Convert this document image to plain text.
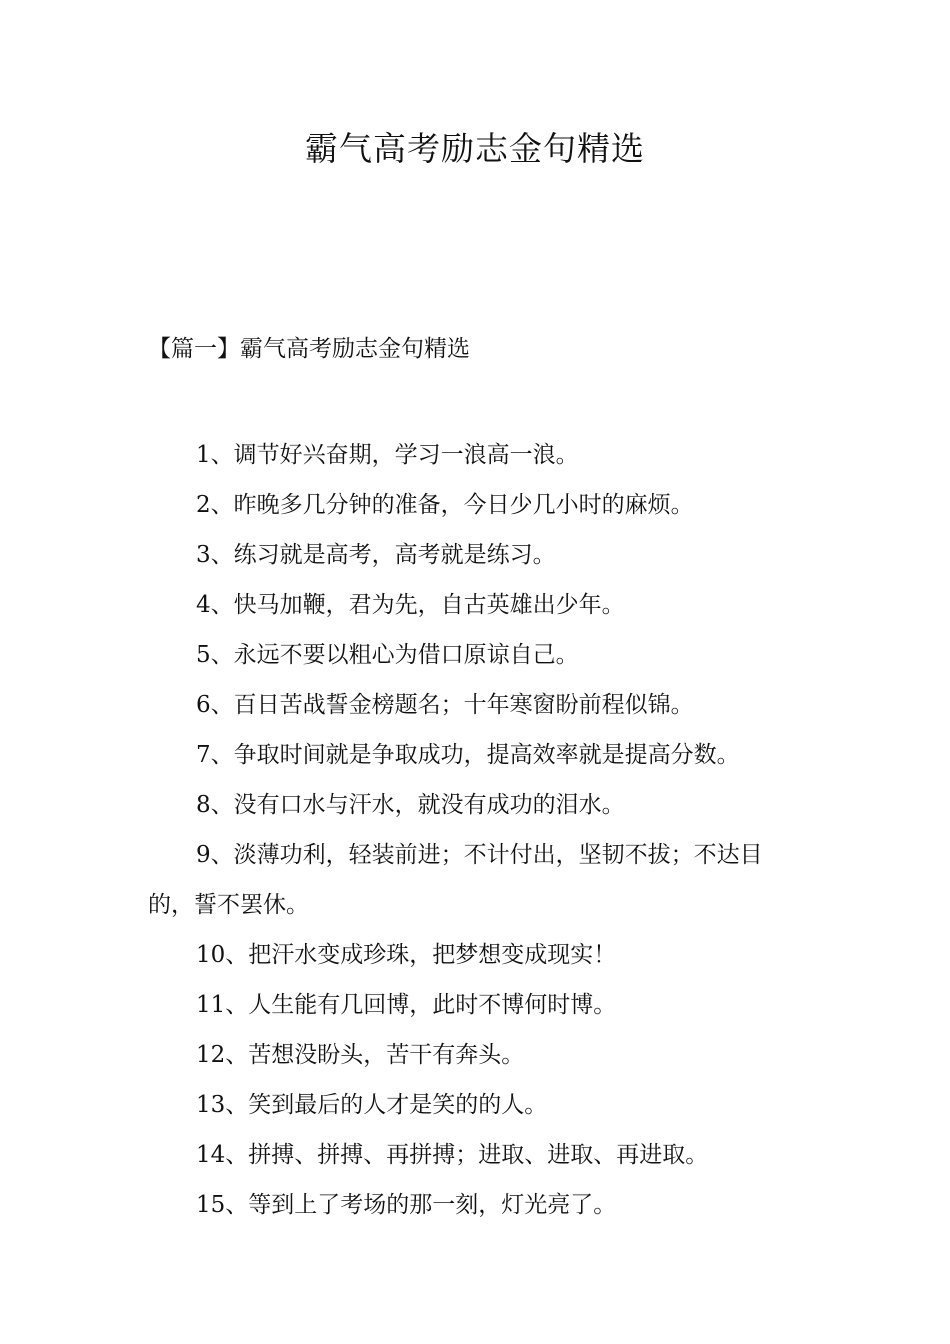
霸气高考励志金句精选
【篇一】霸气高考励志金句精选
1、调节好兴奋期，学习一浪高一浪。
2、昨晚多几分钟的准备，今日少几小时的麻烦。
3、练习就是高考，高考就是练习。
4、快马加鞭，君为先，自古英雄出少年。
5、永远不要以粗心为借口原谅自己。
6、百日苦战誓金榜题名；十年寒窗盼前程似锦。
7、争取时间就是争取成功，提高效率就是提高分数。
8、没有口水与汗水，就没有成功的泪水。
9、淡薄功利，轻装前进；不计付出，坚韧不拔；不达目的，誓不罢休。
10、把汗水变成珍珠，把梦想变成现实！
11、人生能有几回博，此时不博何时博。
12、苦想没盼头，苦干有奔头。
13、笑到最后的人才是笑的的人。
14、拼搏、拼搏、再拼搏；进取、进取、再进取。
15、等到上了考场的那一刻，灯光亮了。
